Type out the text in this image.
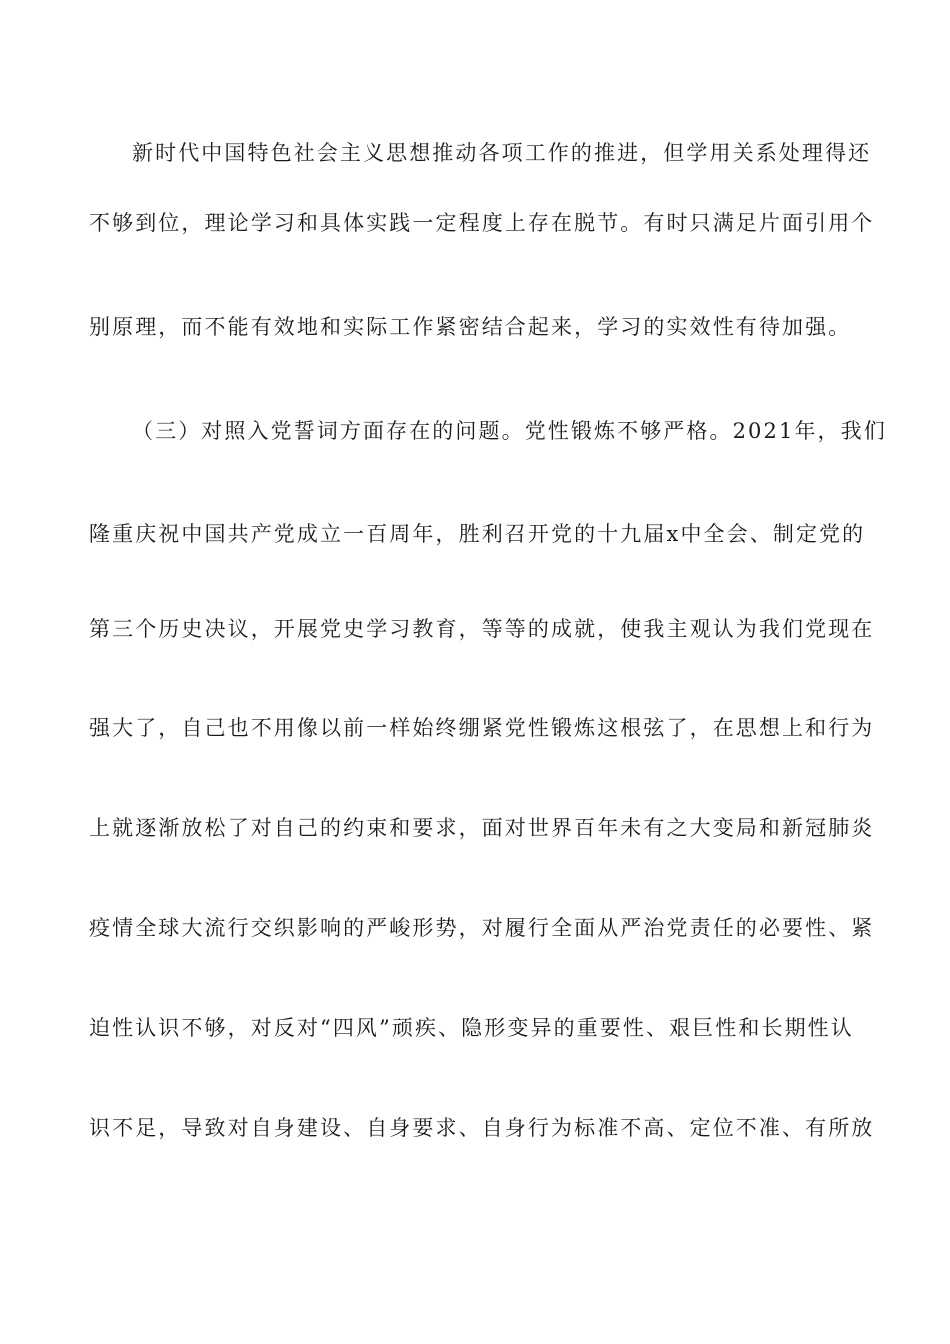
新时代中国特色社会主义思想推动各项工作的推进，但学用关系处理得还
不够到位，理论学习和具体实践一定程度上存在脱节。有时只满足片面引用个
别原理，而不能有效地和实际工作紧密结合起来，学习的实效性有待加强。
（三）对照入党誓词方面存在的问题。党性锻炼不够严格。2021年，我们
隆重庆祝中国共产党成立一百周年，胜利召开党的十九届x中全会、制定党的
第三个历史决议，开展党史学习教育，等等的成就，使我主观认为我们党现在
强大了，自己也不用像以前一样始终绷紧党性锻炼这根弦了，在思想上和行为
上就逐渐放松了对自己的约束和要求，面对世界百年未有之大变局和新冠肺炎
疫情全球大流行交织影响的严峻形势，对履行全面从严治党责任的必要性、紧
迫性认识不够，对反对“四风”顽疾、隐形变异的重要性、艰巨性和长期性认
识不足，导致对自身建设、自身要求、自身行为标准不高、定位不准、有所放
